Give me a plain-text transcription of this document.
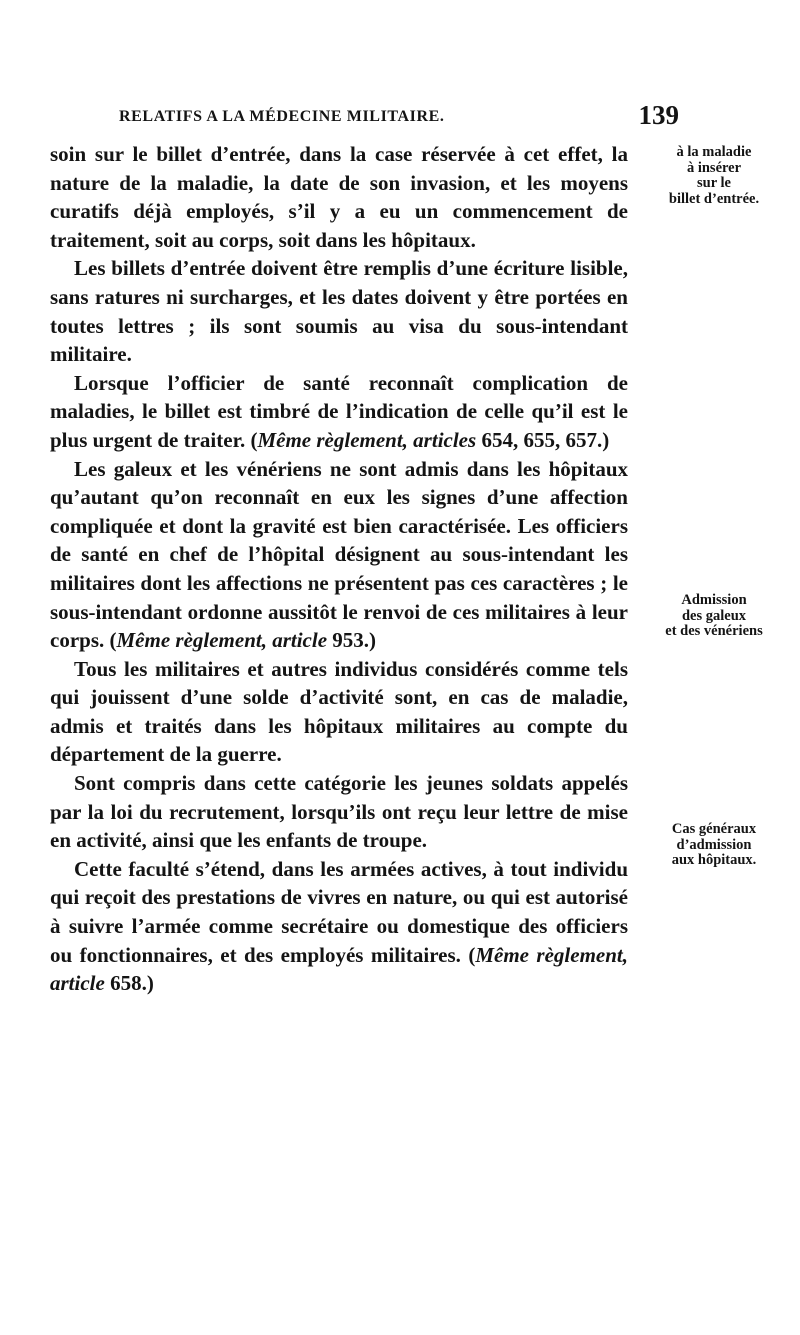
RELATIFS A LA MÉDECINE MILITAIRE.	139

soin sur le billet d’entrée, dans la case réservée à cet effet, la nature de la maladie, la date de son invasion, et les moyens curatifs déjà employés, s’il y a eu un commencement de traitement, soit au corps, soit dans les hôpitaux.

Les billets d’entrée doivent être remplis d’une écriture lisible, sans ratures ni surcharges, et les dates doivent y être portées en toutes lettres ; ils sont soumis au visa du sous-intendant militaire.

Lorsque l’officier de santé reconnaît complication de maladies, le billet est timbré de l’indication de celle qu’il est le plus urgent de traiter. (Même règlement, articles 654, 655, 657.)

Les galeux et les vénériens ne sont admis dans les hôpitaux qu’autant qu’on reconnaît en eux les signes d’une affection compliquée et dont la gravité est bien caractérisée. Les officiers de santé en chef de l’hôpital désignent au sous-intendant les militaires dont les affections ne présentent pas ces caractères ; le sous-intendant ordonne aussitôt le renvoi de ces militaires à leur corps. (Même règlement, article 953.)

Tous les militaires et autres individus considérés comme tels qui jouissent d’une solde d’activité sont, en cas de maladie, admis et traités dans les hôpitaux militaires au compte du département de la guerre.

Sont compris dans cette catégorie les jeunes soldats appelés par la loi du recrutement, lorsqu’ils ont reçu leur lettre de mise en activité, ainsi que les enfants de troupe.

Cette faculté s’étend, dans les armées actives, à tout individu qui reçoit des prestations de vivres en nature, ou qui est autorisé à suivre l’armée comme secrétaire ou domestique des officiers ou fonctionnaires, et des employés militaires. (Même règlement, article 658.)

à la maladie
à insérer
sur le
billet d’entrée.
Admission
des galeux
et des vénériens
Cas généraux
d’admission
aux hôpitaux.
